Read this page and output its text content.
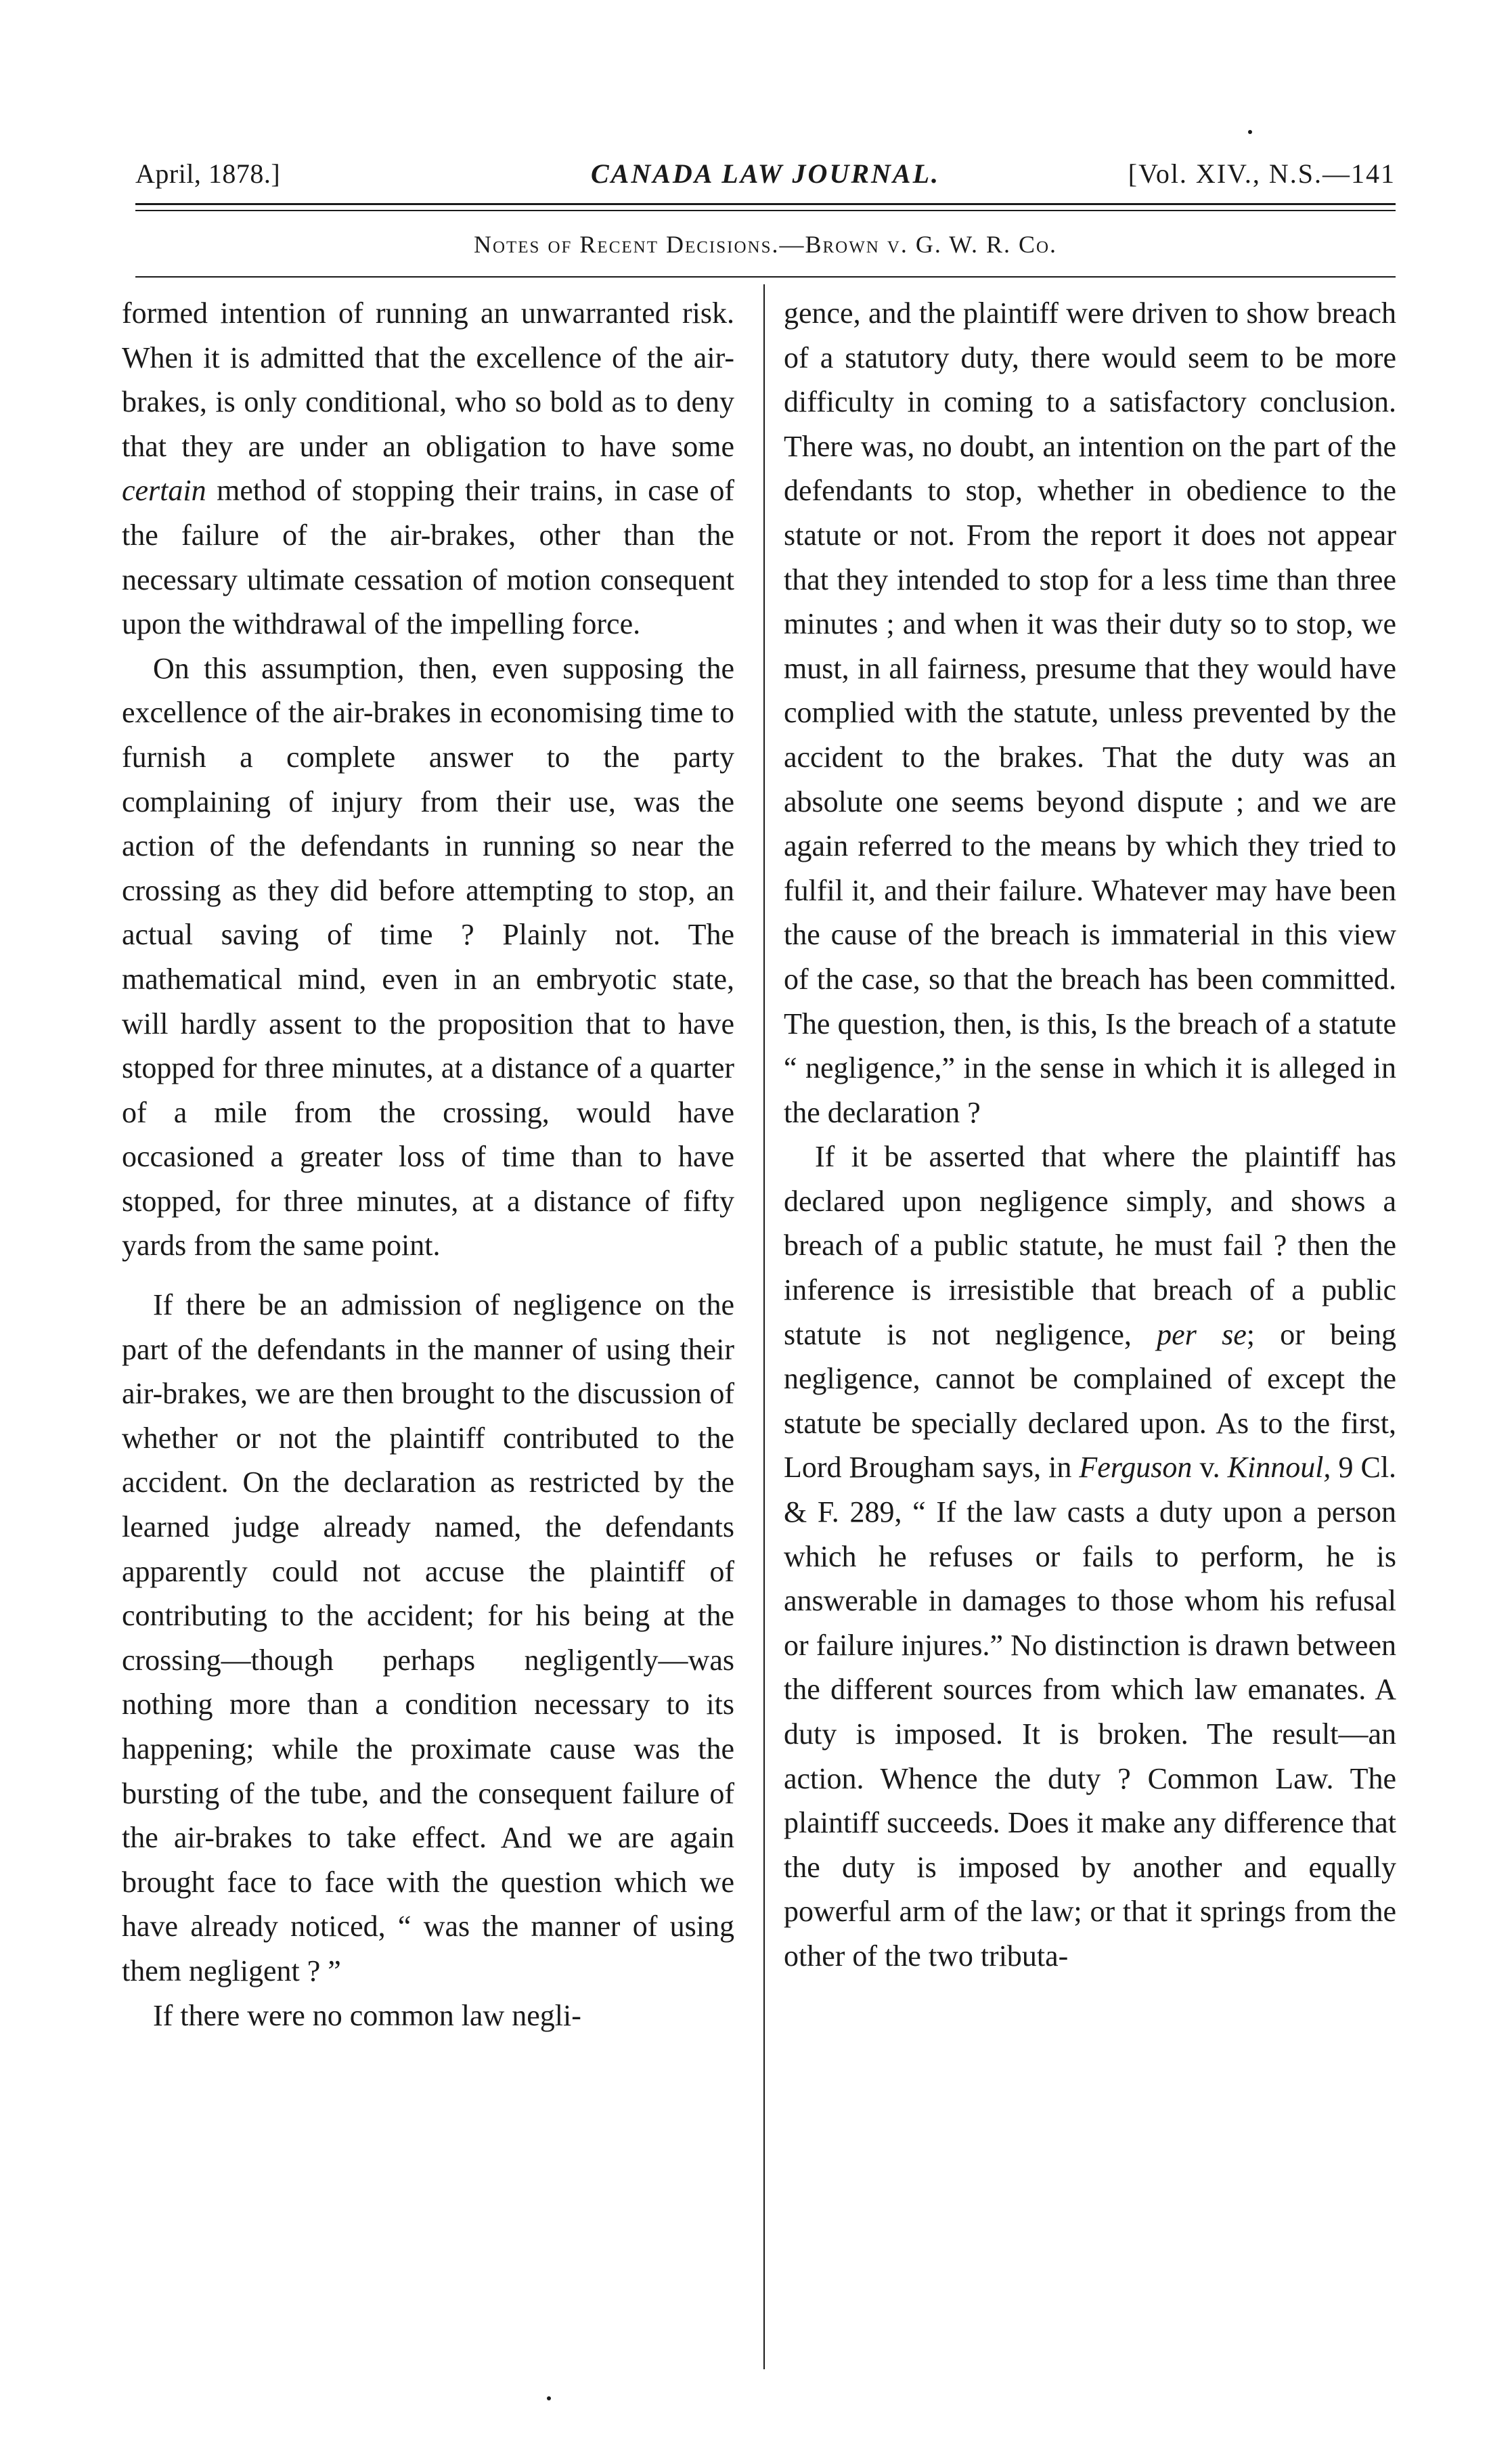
April, 1878.]	CANADA LAW JOURNAL.	[Vol. XIV., N.S.—141
Notes of Recent Decisions.—Brown v. G. W. R. Co.

formed intention of running an unwarranted risk. When it is admitted that the excellence of the air-brakes, is only conditional, who so bold as to deny that they are under an obligation to have some certain method of stopping their trains, in case of the failure of the air-brakes, other than the necessary ultimate cessation of motion consequent upon the withdrawal of the impelling force.

On this assumption, then, even supposing the excellence of the air-brakes in economising time to furnish a complete answer to the party complaining of injury from their use, was the action of the defendants in running so near the crossing as they did before attempting to stop, an actual saving of time ? Plainly not. The mathematical mind, even in an embryotic state, will hardly assent to the proposition that to have stopped for three minutes, at a distance of a quarter of a mile from the crossing, would have occasioned a greater loss of time than to have stopped, for three minutes, at a distance of fifty yards from the same point.

If there be an admission of negligence on the part of the defendants in the manner of using their air-brakes, we are then brought to the discussion of whether or not the plaintiff contributed to the accident. On the declaration as restricted by the learned judge already named, the defendants apparently could not accuse the plaintiff of contributing to the accident; for his being at the crossing—though perhaps negligently—was nothing more than a condition necessary to its happening; while the proximate cause was the bursting of the tube, and the consequent failure of the air-brakes to take effect. And we are again brought face to face with the question which we have already noticed, “ was the manner of using them negligent ? ”

If there were no common law negli-

gence, and the plaintiff were driven to show breach of a statutory duty, there would seem to be more difficulty in coming to a satisfactory conclusion. There was, no doubt, an intention on the part of the defendants to stop, whether in obedience to the statute or not. From the report it does not appear that they intended to stop for a less time than three minutes ; and when it was their duty so to stop, we must, in all fairness, presume that they would have complied with the statute, unless prevented by the accident to the brakes. That the duty was an absolute one seems beyond dispute ; and we are again referred to the means by which they tried to fulfil it, and their failure. Whatever may have been the cause of the breach is immaterial in this view of the case, so that the breach has been committed. The question, then, is this, Is the breach of a statute “ negligence,” in the sense in which it is alleged in the declaration ?

If it be asserted that where the plaintiff has declared upon negligence simply, and shows a breach of a public statute, he must fail ? then the inference is irresistible that breach of a public statute is not negligence, per se; or being negligence, cannot be complained of except the statute be specially declared upon. As to the first, Lord Brougham says, in Ferguson v. Kinnoul, 9 Cl. & F. 289, “ If the law casts a duty upon a person which he refuses or fails to perform, he is answerable in damages to those whom his refusal or failure injures.” No distinction is drawn between the different sources from which law emanates. A duty is imposed. It is broken. The result—an action. Whence the duty ? Common Law. The plaintiff succeeds. Does it make any difference that the duty is imposed by another and equally powerful arm of the law; or that it springs from the other of the two tributa-
